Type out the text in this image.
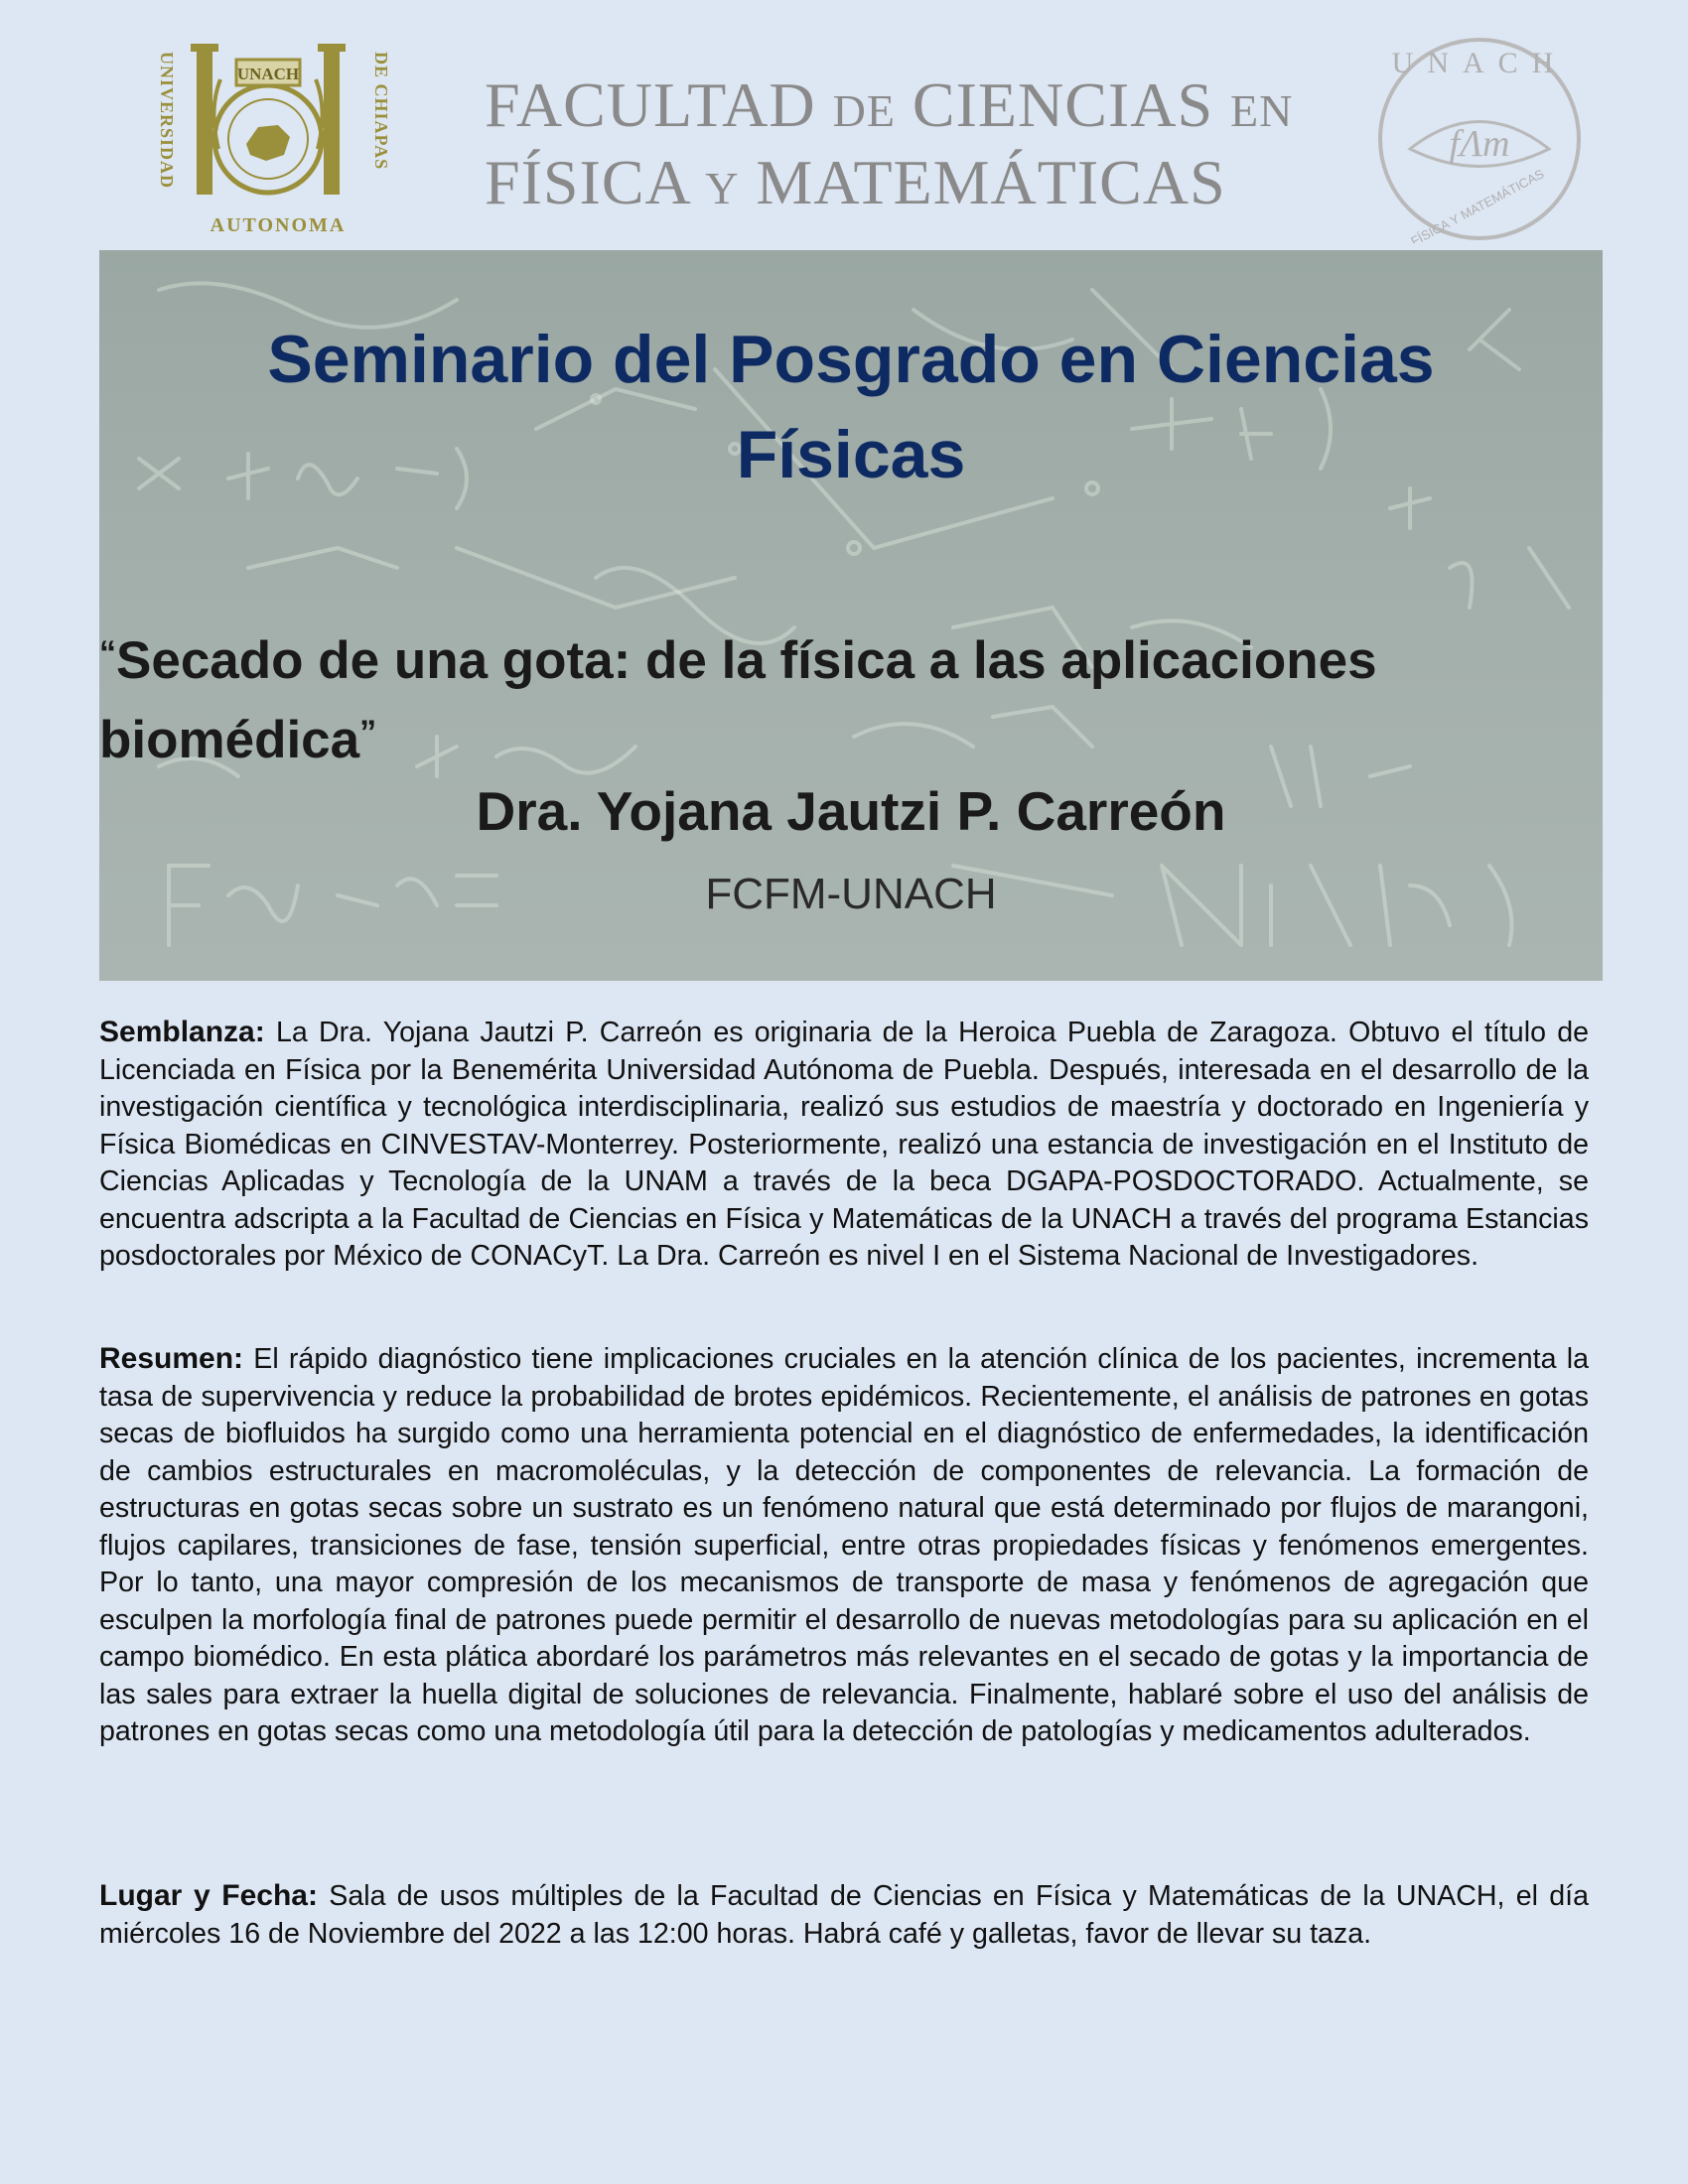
UNACH
UNIVERSIDAD	DE CHIAPAS
AUTONOMA
FACULTAD DE CIENCIAS EN
FÍSICA Y MATEMÁTICAS
UNACH
fΛm
FÍSICA Y MATEMÁTICAS
Seminario del Posgrado en Ciencias
Físicas
“Secado de una gota: de la física a las aplicaciones
biomédica”
Dra. Yojana Jautzi P. Carreón
FCFM-UNACH
Semblanza: La Dra. Yojana Jautzi P. Carreón es originaria de la Heroica Puebla de Zaragoza. Obtuvo el título de Licenciada en Física por la Benemérita Universidad Autónoma de Puebla. Después, interesada en el desarrollo de la investigación científica y tecnológica interdisciplinaria, realizó sus estudios de maestría y doctorado en Ingeniería y Física Biomédicas en CINVESTAV-Monterrey. Posteriormente, realizó una estancia de investigación en el Instituto de Ciencias Aplicadas y Tecnología de la UNAM a través de la beca DGAPA-POSDOCTORADO. Actualmente, se encuentra adscripta a la Facultad de Ciencias en Física y Matemáticas de la UNACH a través del programa Estancias posdoctorales por México de CONACyT. La Dra. Carreón es nivel I en el Sistema Nacional de Investigadores.
Resumen: El rápido diagnóstico tiene implicaciones cruciales en la atención clínica de los pacientes, incrementa la tasa de supervivencia y reduce la probabilidad de brotes epidémicos. Recientemente, el análisis de patrones en gotas secas de biofluidos ha surgido como una herramienta potencial en el diagnóstico de enfermedades, la identificación de cambios estructurales en macromoléculas, y la detección de componentes de relevancia. La formación de estructuras en gotas secas sobre un sustrato es un fenómeno natural que está determinado por flujos de marangoni, flujos capilares, transiciones de fase, tensión superficial, entre otras propiedades físicas y fenómenos emergentes. Por lo tanto, una mayor compresión de los mecanismos de transporte de masa y fenómenos de agregación que esculpen la morfología final de patrones puede permitir el desarrollo de nuevas metodologías para su aplicación en el campo biomédico. En esta plática abordaré los parámetros más relevantes en el secado de gotas y la importancia de las sales para extraer la huella digital de soluciones de relevancia. Finalmente, hablaré sobre el uso del análisis de patrones en gotas secas como una metodología útil para la detección de patologías y medicamentos adulterados.
Lugar y Fecha: Sala de usos múltiples de la Facultad de Ciencias en Física y Matemáticas de la UNACH, el día miércoles 16 de Noviembre del 2022 a las 12:00 horas. Habrá café y galletas, favor de llevar su taza.
